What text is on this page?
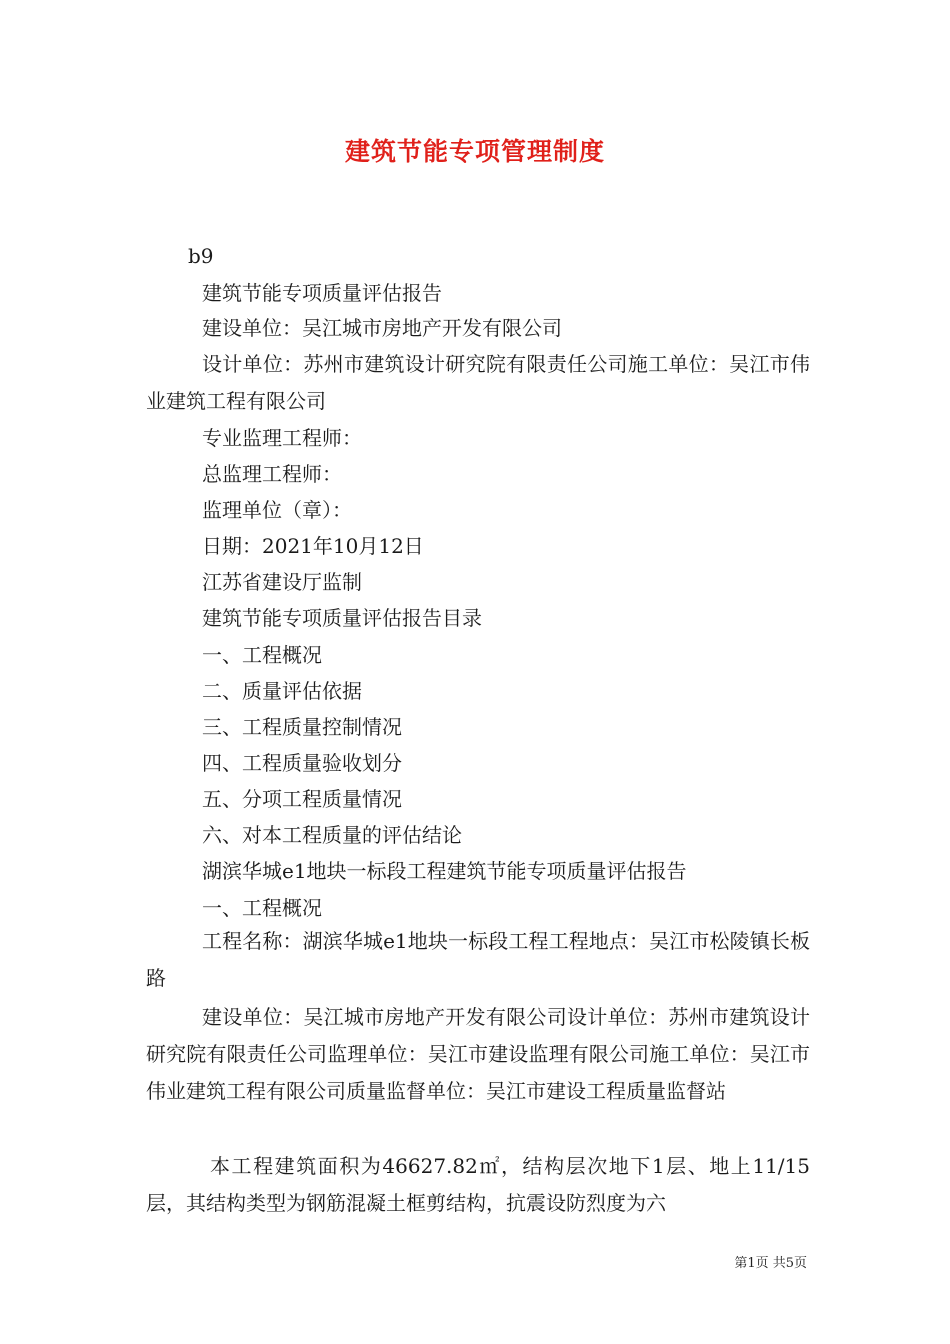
建筑节能专项管理制度
b9
建筑节能专项质量评估报告
建设单位：吴江城市房地产开发有限公司
设计单位：苏州市建筑设计研究院有限责任公司施工单位：吴江市伟业建筑工程有限公司
专业监理工程师：
总监理工程师：
监理单位（章）：
日期：2021年10月12日
江苏省建设厅监制
建筑节能专项质量评估报告目录
一、工程概况
二、质量评估依据
三、工程质量控制情况
四、工程质量验收划分
五、分项工程质量情况
六、对本工程质量的评估结论
湖滨华城e1地块一标段工程建筑节能专项质量评估报告
一、工程概况
工程名称：湖滨华城e1地块一标段工程工程地点：吴江市松陵镇长板路
建设单位：吴江城市房地产开发有限公司设计单位：苏州市建筑设计研究院有限责任公司监理单位：吴江市建设监理有限公司施工单位：吴江市伟业建筑工程有限公司质量监督单位：吴江市建设工程质量监督站
本工程建筑面积为46627.82㎡，结构层次地下1层、地上11/15层，其结构类型为钢筋混凝土框剪结构，抗震设防烈度为六
第1页 共5页
